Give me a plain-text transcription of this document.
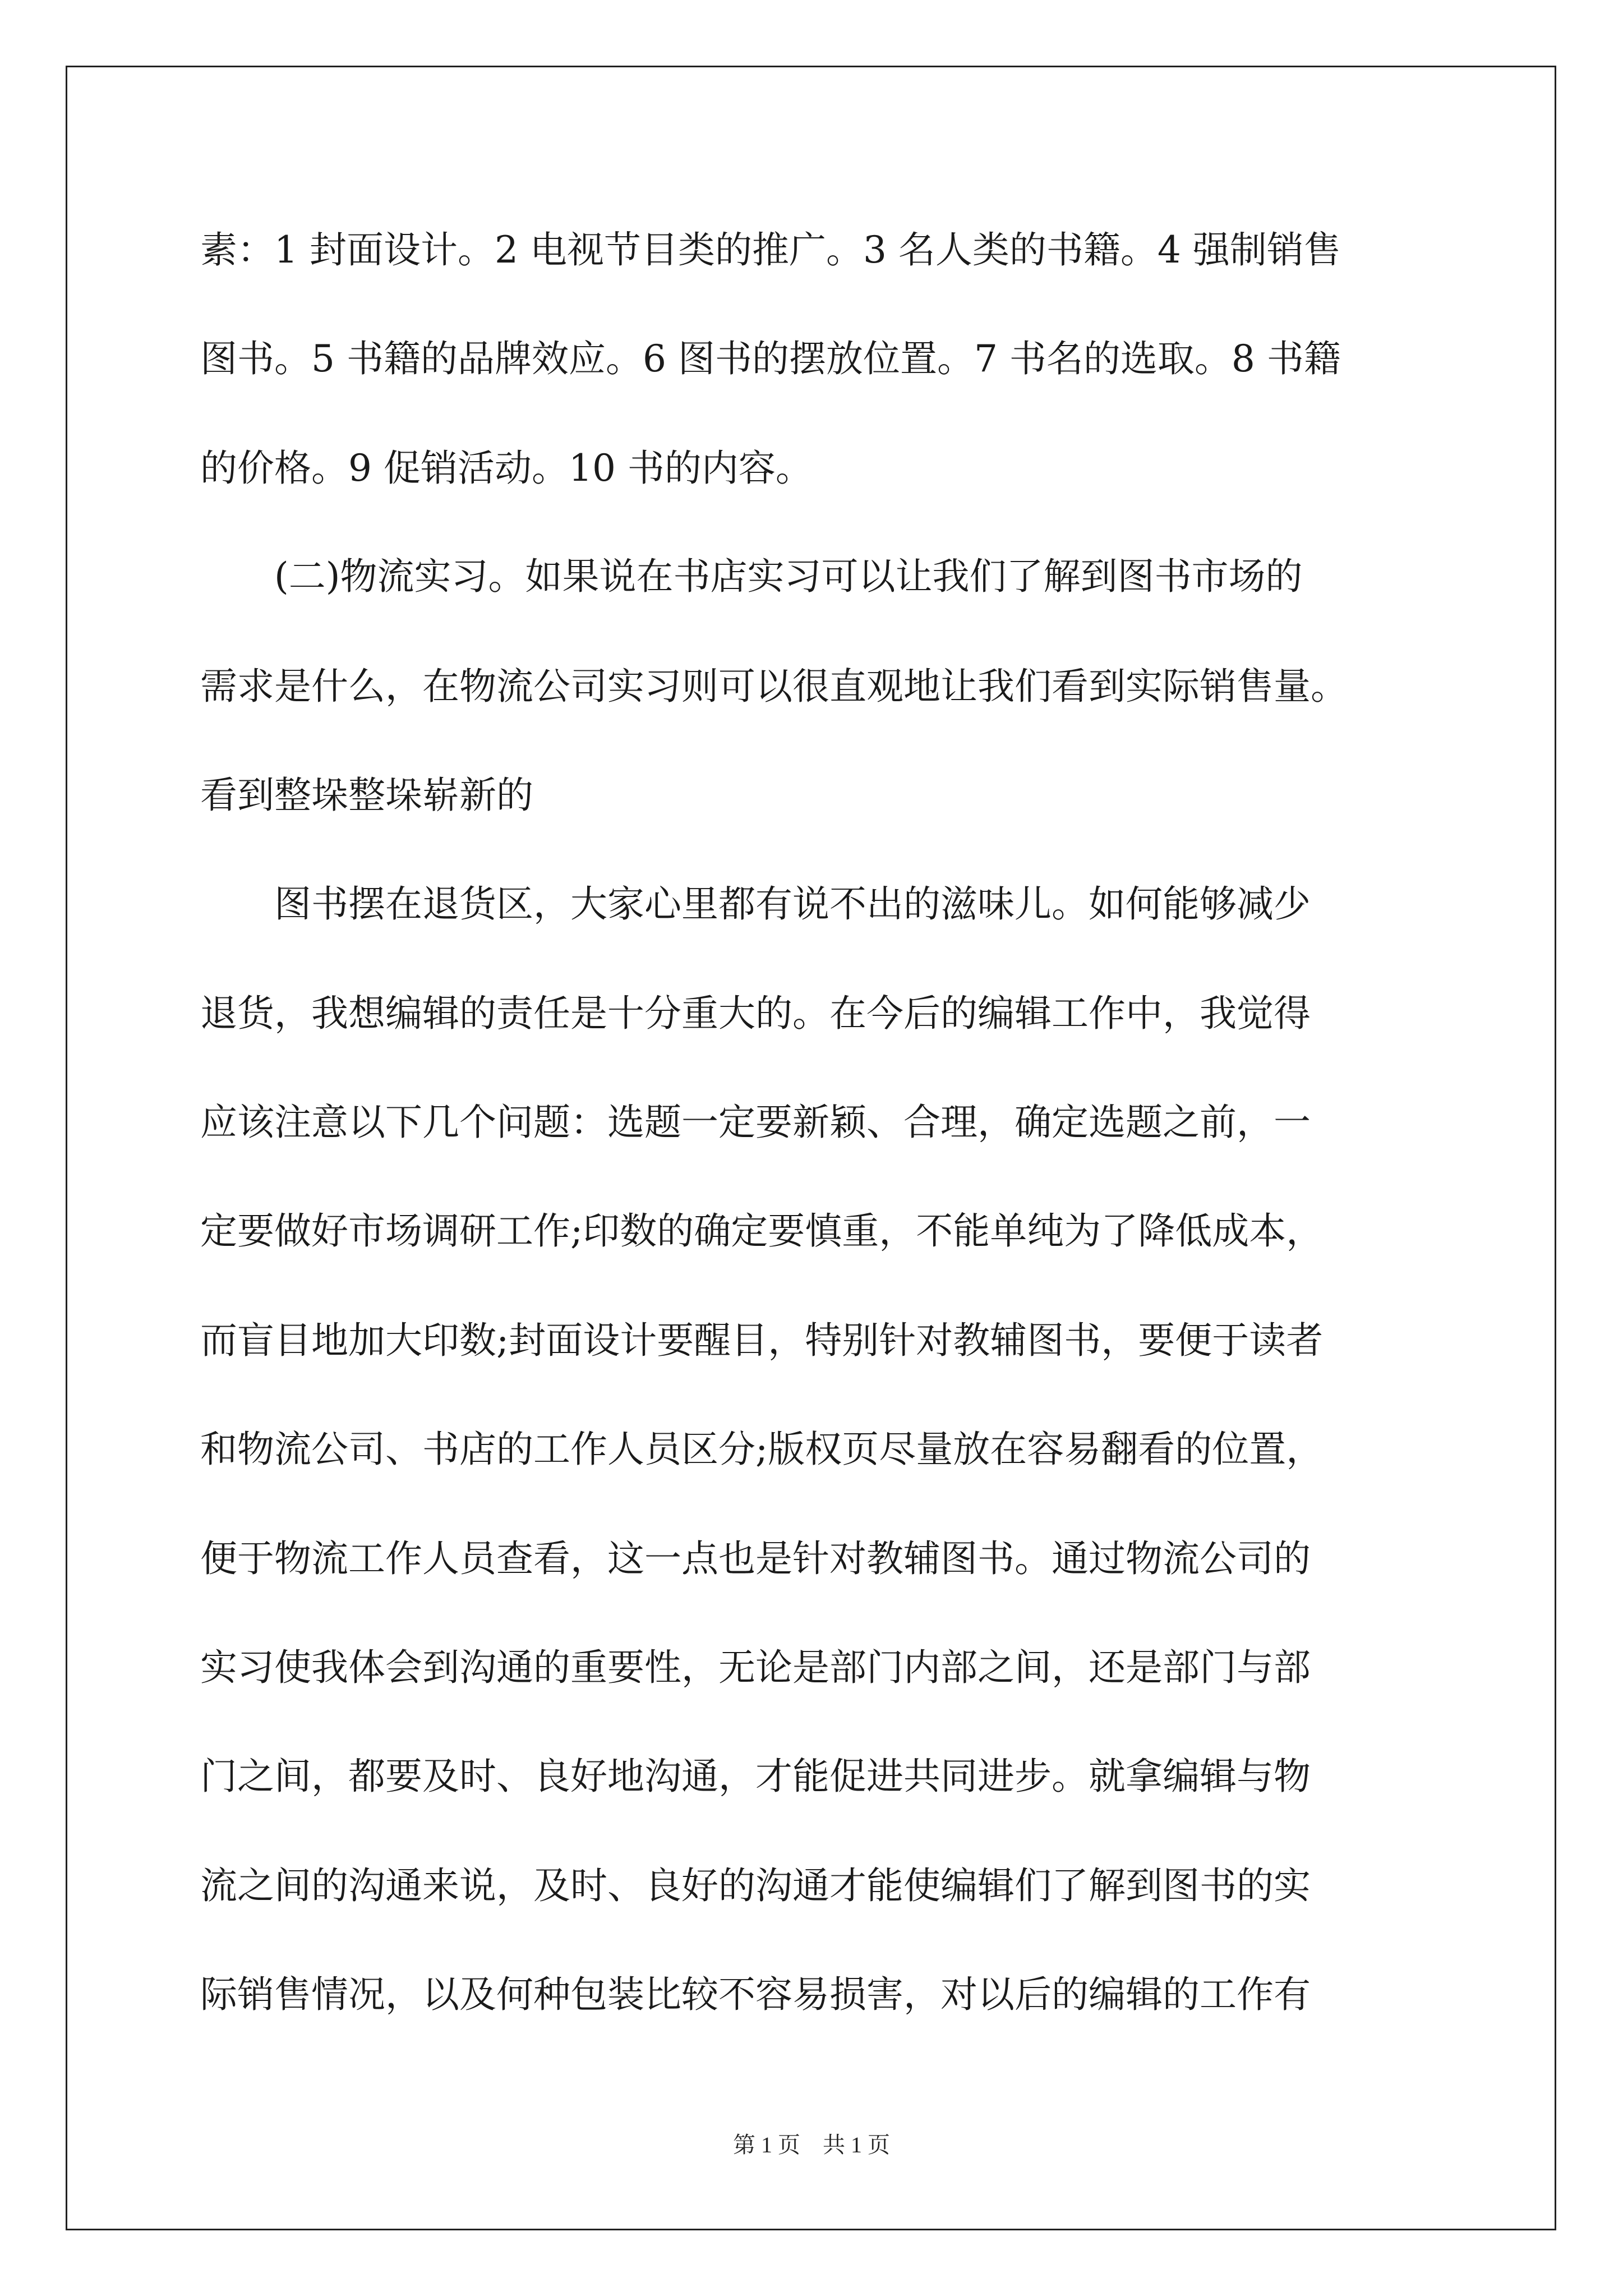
素：1 封面设计。2 电视节目类的推广。3 名人类的书籍。4 强制销售

图书。5 书籍的品牌效应。6 图书的摆放位置。7 书名的选取。8 书籍

的价格。9 促销活动。10 书的内容。

(二)物流实习。如果说在书店实习可以让我们了解到图书市场的

需求是什么，在物流公司实习则可以很直观地让我们看到实际销售量。

看到整垛整垛崭新的

图书摆在退货区，大家心里都有说不出的滋味儿。如何能够减少

退货，我想编辑的责任是十分重大的。在今后的编辑工作中，我觉得

应该注意以下几个问题：选题一定要新颖、合理，确定选题之前，一

定要做好市场调研工作;印数的确定要慎重，不能单纯为了降低成本，

而盲目地加大印数;封面设计要醒目，特别针对教辅图书，要便于读者

和物流公司、书店的工作人员区分;版权页尽量放在容易翻看的位置，

便于物流工作人员查看，这一点也是针对教辅图书。通过物流公司的

实习使我体会到沟通的重要性，无论是部门内部之间，还是部门与部

门之间，都要及时、良好地沟通，才能促进共同进步。就拿编辑与物

流之间的沟通来说，及时、良好的沟通才能使编辑们了解到图书的实

际销售情况，以及何种包装比较不容易损害，对以后的编辑的工作有

第 1 页　共 1 页
